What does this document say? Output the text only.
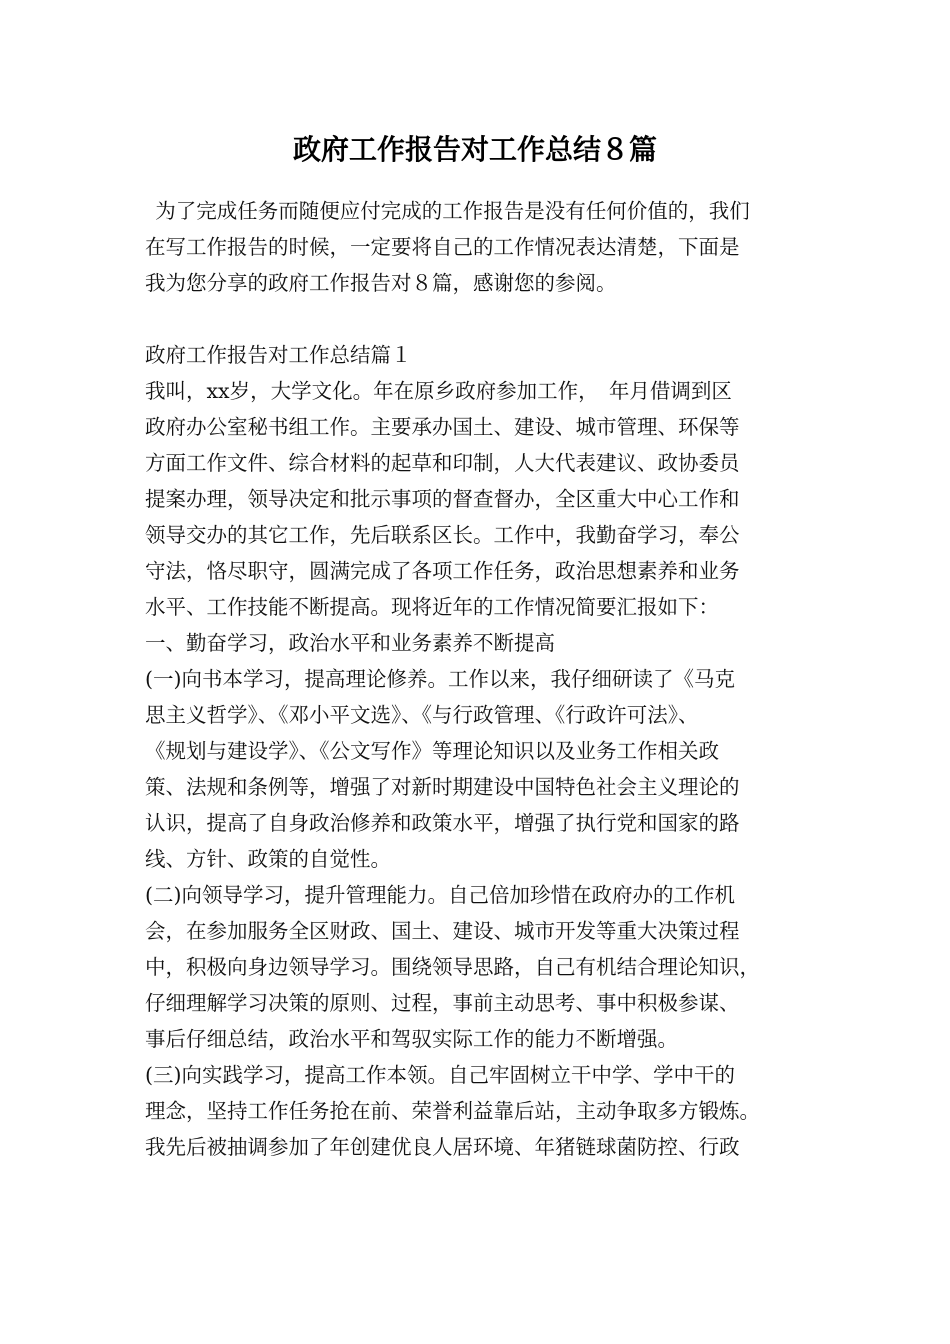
政府工作报告对工作总结８篇
为了完成任务而随便应付完成的工作报告是没有任何价值的，我们
在写工作报告的时候，一定要将自己的工作情况表达清楚，下面是
我为您分享的政府工作报告对８篇，感谢您的参阅。
政府工作报告对工作总结篇１
我叫，xx岁，大学文化。年在原乡政府参加工作，　年月借调到区
政府办公室秘书组工作。主要承办国土、建设、城市管理、环保等
方面工作文件、综合材料的起草和印制，人大代表建议、政协委员
提案办理，领导决定和批示事项的督查督办，全区重大中心工作和
领导交办的其它工作，先后联系区长。工作中，我勤奋学习，奉公
守法，恪尽职守，圆满完成了各项工作任务，政治思想素养和业务
水平、工作技能不断提高。现将近年的工作情况简要汇报如下：
一、勤奋学习，政治水平和业务素养不断提高
(一)向书本学习，提高理论修养。工作以来，我仔细研读了《马克
思主义哲学》、《邓小平文选》、《与行政管理、《行政许可法》、
《规划与建设学》、《公文写作》等理论知识以及业务工作相关政
策、法规和条例等，增强了对新时期建设中国特色社会主义理论的
认识，提高了自身政治修养和政策水平，增强了执行党和国家的路
线、方针、政策的自觉性。
(二)向领导学习，提升管理能力。自己倍加珍惜在政府办的工作机
会，在参加服务全区财政、国土、建设、城市开发等重大决策过程
中，积极向身边领导学习。围绕领导思路，自己有机结合理论知识，
仔细理解学习决策的原则、过程，事前主动思考、事中积极参谋、
事后仔细总结，政治水平和驾驭实际工作的能力不断增强。
(三)向实践学习，提高工作本领。自己牢固树立干中学、学中干的
理念，坚持工作任务抢在前、荣誉利益靠后站，主动争取多方锻炼。
我先后被抽调参加了年创建优良人居环境、年猪链球菌防控、行政
